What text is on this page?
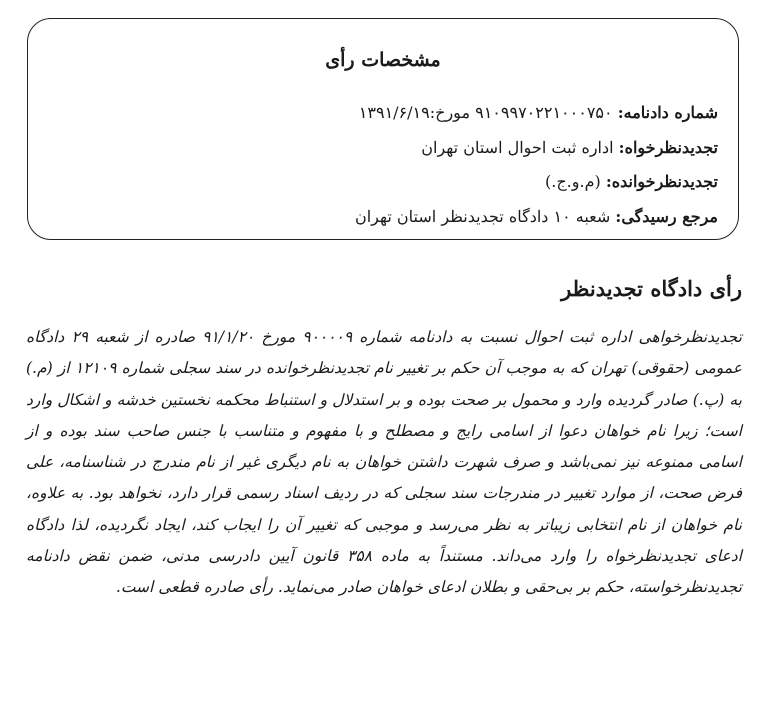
مشخصات رأی
شماره دادنامه: ۹۱۰۹۹۷۰۲۲۱۰۰۰۷۵۰ مورخ:۱۳۹۱/۶/۱۹
تجدیدنظرخواه: اداره ثبت احوال استان تهران
تجدیدنظرخوانده: (م.و.ج.)
مرجع رسیدگی: شعبه ۱۰ دادگاه تجدیدنظر استان تهران
رأی دادگاه تجدیدنظر
تجدیدنظرخواهی اداره ثبت احوال نسبت به دادنامه شماره ۹۰۰۰۰۹ مورخ ۹۱/۱/۲۰ صادره از شعبه ۲۹ دادگاه عمومی (حقوقی) تهران که به موجب آن حکم بر تغییر نام تجدیدنظرخوانده در سند سجلی شماره ۱۲۱۰۹ از (م.) به (پ.) صادر گردیده وارد و محمول بر صحت بوده و بر استدلال و استنباط محکمه نخستین خدشه و اشکال وارد است؛ زیرا نام خواهان دعوا از اسامی رایج و مصطلح و با مفهوم و متناسب با جنس صاحب سند بوده و از اسامی ممنوعه نیز نمی‌باشد و صرف شهرت داشتن خواهان به نام دیگری غیر از نام مندرج در شناسنامه، علی فرض صحت، از موارد تغییر در مندرجات سند سجلی که در ردیف اسناد رسمی قرار دارد، نخواهد بود. به علاوه، نام خواهان از نام انتخابی زیباتر به نظر می‌رسد و موجبی که تغییر آن را ایجاب کند، ایجاد نگردیده، لذا دادگاه ادعای تجدیدنظرخواه را وارد می‌داند. مستنداً به ماده ۳۵۸ قانون آیین دادرسی مدنی، ضمن نقض دادنامه تجدیدنظرخواسته، حکم بر بی‌حقی و بطلان ادعای خواهان صادر می‌نماید. رأی صادره قطعی است.
